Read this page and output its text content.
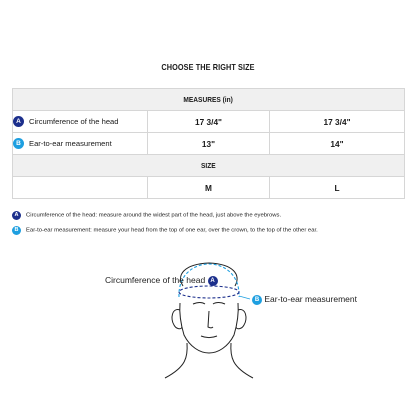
CHOOSE THE RIGHT SIZE
MEASURES (in)		
A Circumference of the head	17 3/4"	17 3/4"
B Ear-to-ear measurement	13"	14"
SIZE		
	M	L
A Circumference of the head: measure around the widest part of the head, just above the eyebrows.
B Ear-to-ear measurement: measure your head from the top of one ear, over the crown, to the top of the other ear.
Circumference of the head A
B Ear-to-ear measurement
